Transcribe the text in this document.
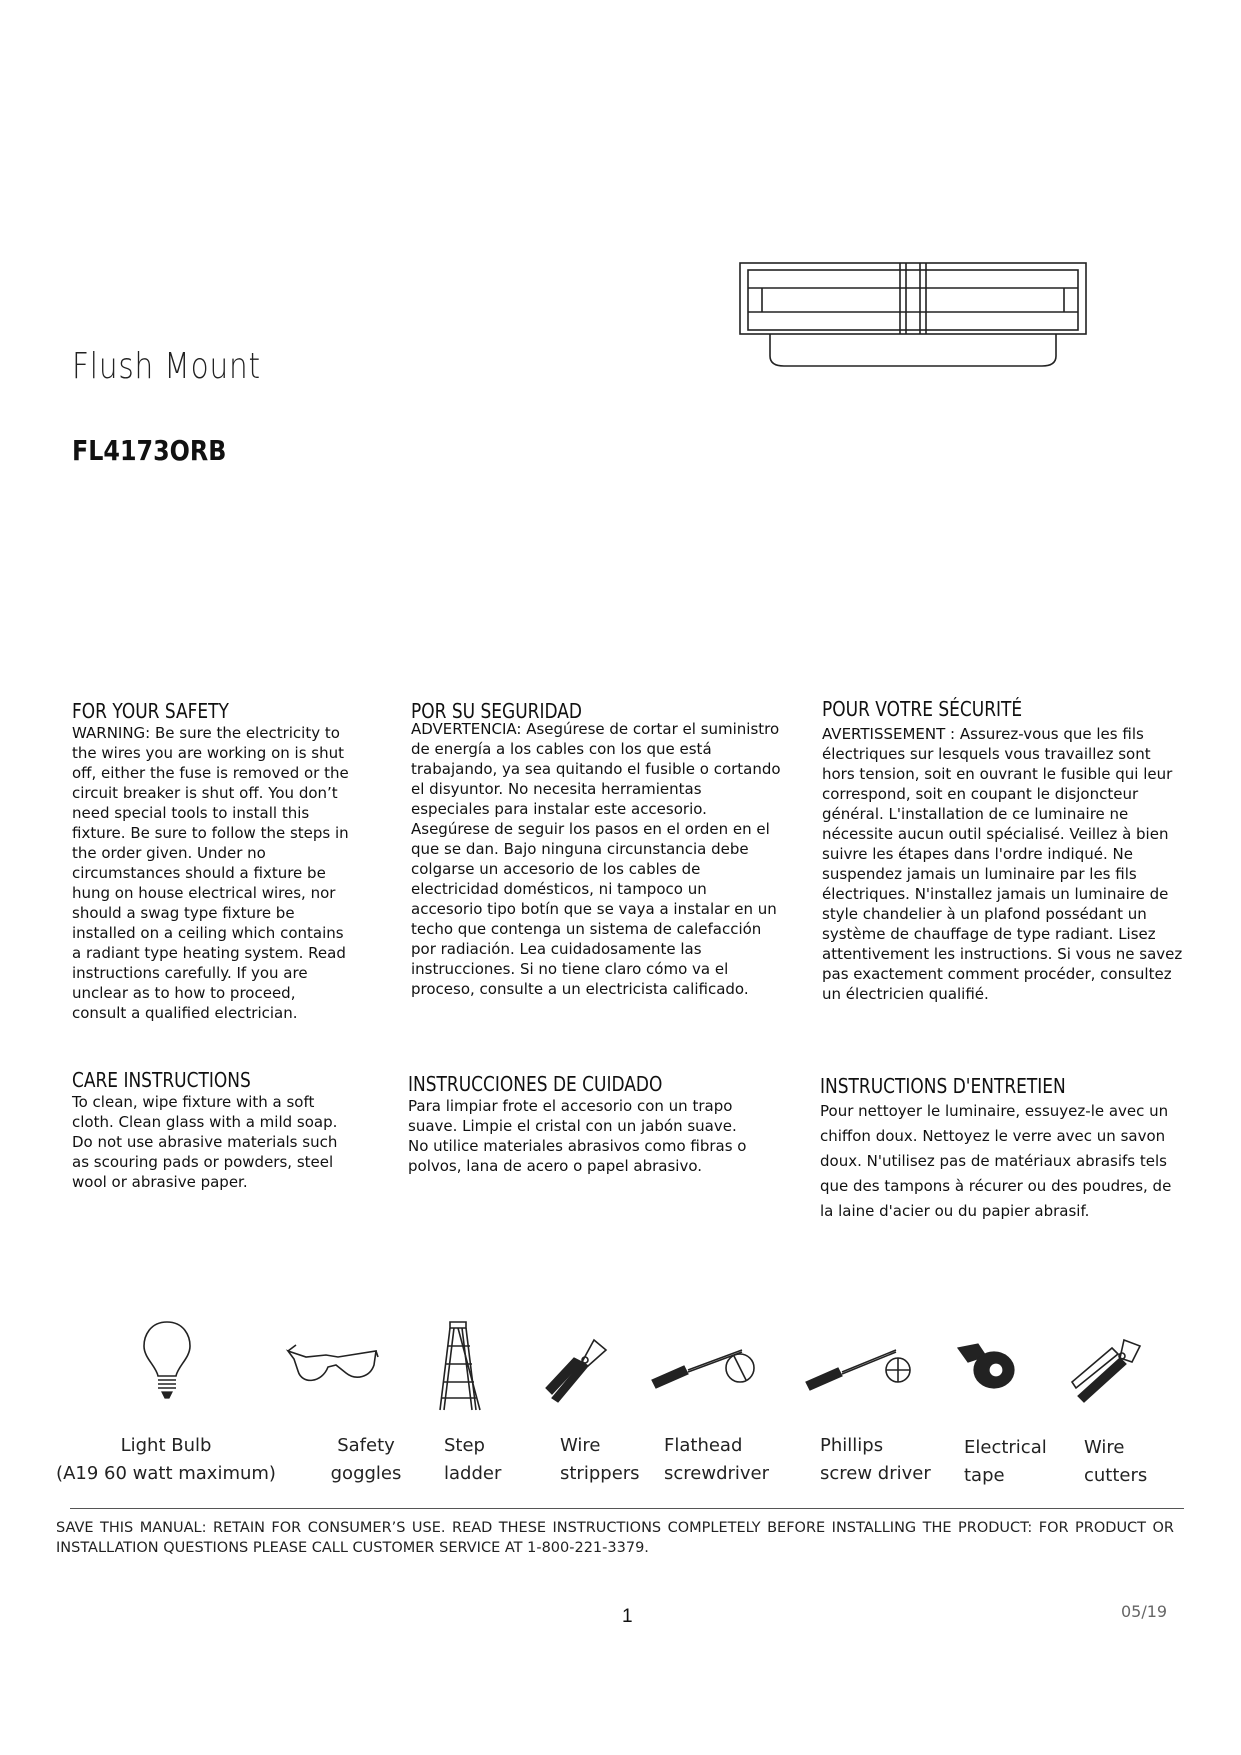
Flush Mount
FL4173ORB
FOR YOUR SAFETY
WARNING: Be sure the electricity to the wires you are working on is shut off, either the fuse is removed or the circuit breaker is shut off. You don’t need special tools to install this fixture. Be sure to follow the steps in the order given. Under no circumstances should a fixture be hung on house electrical wires, nor should a swag type fixture be installed on a ceiling which contains a radiant type heating system. Read instructions carefully. If you are unclear as to how to proceed, consult a qualified electrician.
POR SU SEGURIDAD
ADVERTENCIA: Asegúrese de cortar el suministro de energía a los cables con los que está trabajando, ya sea quitando el fusible o cortando el disyuntor. No necesita herramientas especiales para instalar este accesorio. Asegúrese de seguir los pasos en el orden en el que se dan. Bajo ninguna circunstancia debe colgarse un accesorio de los cables de electricidad domésticos, ni tampoco un accesorio tipo botín que se vaya a instalar en un techo que contenga un sistema de calefacción por radiación. Lea cuidadosamente las instrucciones. Si no tiene claro cómo va el proceso, consulte a un electricista calificado.
POUR VOTRE SÉCURITÉ
AVERTISSEMENT : Assurez-vous que les fils électriques sur lesquels vous travaillez sont hors tension, soit en ouvrant le fusible qui leur correspond, soit en coupant le disjoncteur général. L'installation de ce luminaire ne nécessite aucun outil spécialisé. Veillez à bien suivre les étapes dans l'ordre indiqué. Ne suspendez jamais un luminaire par les fils électriques. N'installez jamais un luminaire de style chandelier à un plafond possédant un système de chauffage de type radiant. Lisez attentivement les instructions. Si vous ne savez pas exactement comment procéder, consultez un électricien qualifié.
CARE INSTRUCTIONS
To clean, wipe fixture with a soft cloth. Clean glass with a mild soap. Do not use abrasive materials such as scouring pads or powders, steel wool or abrasive paper.
INSTRUCCIONES DE CUIDADO
Para limpiar frote el accesorio con un trapo suave. Limpie el cristal con un jabón suave. No utilice materiales abrasivos como fibras o polvos, lana de acero o papel abrasivo.
INSTRUCTIONS D'ENTRETIEN
Pour nettoyer le luminaire, essuyez-le avec un chiffon doux. Nettoyez le verre avec un savon doux. N'utilisez pas de matériaux abrasifs tels que des tampons à récurer ou des poudres, de la laine d'acier ou du papier abrasif.
Light Bulb
(A19 60 watt maximum)
Safety
goggles
Step
ladder
Wire
strippers
Flathead
screwdriver
Phillips
screw driver
Electrical
tape
Wire
cutters
SAVE THIS MANUAL: RETAIN FOR CONSUMER’S USE. READ THESE INSTRUCTIONS COMPLETELY BEFORE INSTALLING THE PRODUCT: FOR PRODUCT OR INSTALLATION QUESTIONS PLEASE CALL CUSTOMER SERVICE AT 1-800-221-3379.
1	05/19
